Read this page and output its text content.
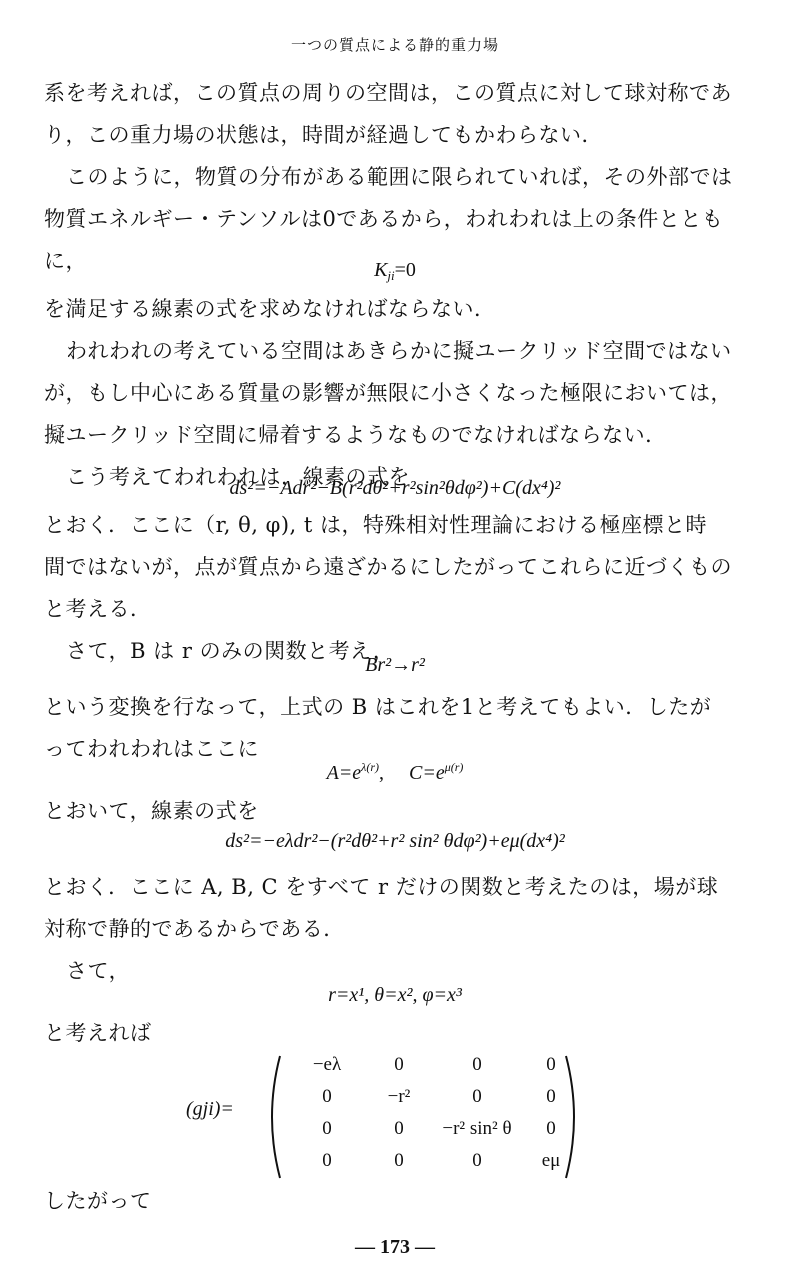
一つの質点による静的重力場
系を考えれば，この質点の周りの空間は，この質点に対して球対称であ
り，この重力場の状態は，時間が経過してもかわらない．
このように，物質の分布がある範囲に限られていれば，その外部では
物質エネルギー・テンソルは0であるから，われわれは上の条件ととも
に，	$K_{ji}=0$
を満足する線素の式を求めなければならない．
われわれの考えている空間はあきらかに擬ユークリッド空間ではない
が，もし中心にある質量の影響が無限に小さくなった極限においては，
擬ユークリッド空間に帰着するようなものでなければならない．
こう考えてわれわれは，線素の式を
ds²=−Adr²−B(r²dθ²+r²sin²θdφ²)+C(dx⁴)²
とおく．ここに（r, θ, φ), t は，特殊相対性理論における極座標と時
間ではないが，点が質点から遠ざかるにしたがってこれらに近づくもの
と考える．
さて，B は r のみの関数と考え，
Br²→r²
という変換を行なって，上式の B はこれを1と考えてもよい．したが
ってわれわれはここに
$A=e^{\lambda(r)}$, $C=e^{\mu(r)}$
とおいて，線素の式を
ds²=−eλdr²−(r²dθ²+r² sin² θdφ²)+eμ(dx⁴)²
とおく．ここに A, B, C をすべて r だけの関数と考えたのは，場が球
対称で静的であるからである．
さて，
r=x¹, θ=x², φ=x³
と考えれば
(gji)=
−eλ	0	0	0
0	−r²	0	0
0	0	−r² sin² θ	0
0	0	0	eμ
したがって
— 173 —
